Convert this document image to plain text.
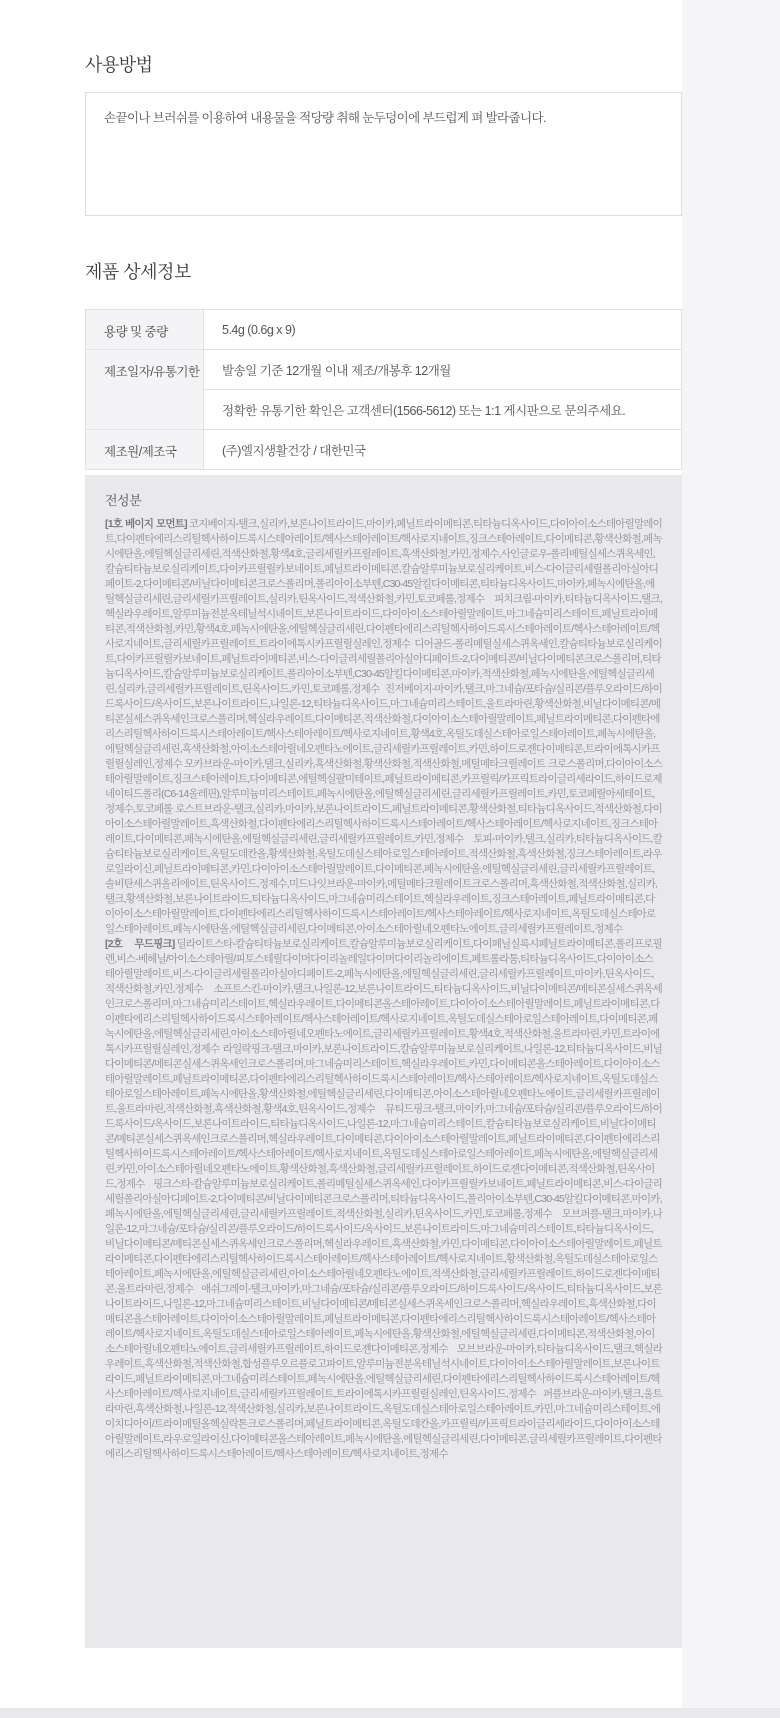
사용방법

손끝이나 브러쉬를 이용하여 내용물을 적당량 취해 눈두덩이에 부드럽게 펴 발라줍니다.

제품 상세정보
용량 및 중량	5.4g (0.6g x 9)
제조일자/유통기한	발송일 기준 12개월 이내 제조/개봉후 12개월
	정확한 유통기한 확인은 고객센터(1566-5612) 또는 1:1 게시판으로 문의주세요.
제조원/제조국	(주)엘지생활건강 / 대한민국
전성분

[1호 베이지 모먼트] 코지베이지-탤크,실리카,보론나이트라이드,마이카,페닐트라이메티콘,티타늄디옥사이드,다이아이소스테아릴말레이트,다이펜타에리스리틸헥사하이드록시스테아레이트/헥사스테아레이트/헥사로지네이트,징크스테아레이트,다이메티콘,황색산화철,페녹시에탄올,에틸헥실글리세린,적색산화철,황색4호,글리세릴카프릴레이트,흑색산화철,카민,정제수,사인글로우-폴리메틸실세스퀴옥세인,칼슘티타늄보로실리케이트,다이카프릴릴카보네이트,페닐트라이메티콘,칼슘알루미늄보로실리케이트,비스-다이글리세릴폴리아실아디페이트-2,다이메티콘/비닐다이메티콘크로스폴리머,폴리아이소부텐,C30-45알킬다이메티콘,티타늄디옥사이드,마이카,페녹시에탄올,에틸헥실글리세린,글리세릴카프릴레이트,실리카,틴옥사이드,적색산화철,카민,토코페롤,정제수 피치크림-마이카,티타늄디옥사이드,탤크,헥실라우레이트,알루미늄전분옥테닐석시네이트,보론나이트라이드,다이아이소스테아릴말레이트,마그네슘미리스테이트,페닐트라이메티콘,적색산화철,카민,황색4호,페녹시에탄올,에틸헥실글리세린,다이펜타에리스리틸헥사하이드록시스테아레이트/헥사스테아레이트/헥사로지네이트,글리세릴카프릴레이트,트라이에톡시카프릴릴실레인,정제수 디어골드-폴리메틸실세스퀴옥세인,칼슘티타늄보로실리케이트,다이카프릴릴카보네이트,페닐트라이메티콘,비스-다이글리세릴폴리아실아디페이트-2,다이메티콘/비닐다이메티콘크로스폴리머,티타늄디옥사이드,칼슘알루미늄보로실리케이트,폴리아이소부텐,C30-45알킬다이메티콘,마이카,적색산화철,페녹시에탄올,에틸헥실글리세린,실리카,글리세릴카프릴레이트,틴옥사이드,카민,토코페롤,정제수 진저베이지-마이카,탤크,마그네슘/포타슘/실리콘/플루오라이드/하이드록사이드/옥사이드,보론나이트라이드,나일론-12,티타늄디옥사이드,마그네슘미리스테이트,울트라마린,황색산화철,비닐다이메티콘/메티콘실세스퀴옥세인크로스폴리머,헥실라우레이트,다이메티콘,적색산화철,다이아이소스테아릴말레이트,페닐트라이메티콘,다이펜타에리스리틸헥사하이드록시스테아레이트/헥사스테아레이트/헥사로지네이트,황색4호,옥틸도데실스테아로일스테아레이트,페녹시에탄올,에틸헥실글리세린,흑색산화철,아이소스테아릴네오펜타노에이트,글리세릴카프릴레이트,카민,하이드로젠다이메티콘,트라이에톡시카프릴릴실레인,정제수 모카브라운-마이카,탤크,실리카,흑색산화철,황색산화철,적색산화철,메틸메타크릴레이트 크로스폴리머,다이아이소스테아릴말레이트,징크스테아레이트,다이메티콘,에틸헥실팔미테이트,페닐트라이메티콘,카프릴릭/카프릭트라이글리세라이드,하이드로제네이티드폴리(C6-14올레핀),알루미늄미리스테이트,페녹시에탄올,에틸헥실글리세린,글리세릴카프릴레이트,카민,토코페릴아세테이트,정제수,토코페롤 로스트브라운-탤크,실리카,마이카,보론나이트라이드,페닐트라이메티콘,황색산화철,티타늄디옥사이드,적색산화철,다이아이소스테아릴말레이트,흑색산화철,다이펜타에리스리틸헥사하이드록시스테아레이트/헥사스테아레이트/헥사로지네이트,징크스테아레이트,다이메티콘,페녹시에탄올,에틸헥실글리세린,글리세릴카프릴레이트,카민,정제수 토피-마이카,탤크,실리카,티타늄디옥사이드,칼슘티타늄보로실리케이트,옥틸도데칸올,황색산화철,옥틸도데실스테아로일스테아레이트,적색산화철,흑색산화철,징크스테아레이트,라우로일라이신,페닐트라이메티콘,카민,다이아이소스테아릴말레이트,다이메티콘,페녹시에탄올,에틸헥실글리세린,글리세릴카프릴레이트,솔비탄세스퀴올리에이트,틴옥사이드,정제수,미드나잇브라운-마이카,메틸메타크릴레이트크로스폴리머,흑색산화철,적색산화철,실리카,탤크,황색산화철,보론나이트라이드,티타늄디옥사이드,마그네슘미리스테이트,헥실라우레이트,징크스테아레이트,페닐트라이메티콘,다이아이소스테아릴말레이트,다이펜타에리스리틸헥사하이드록시스테아레이트/헥사스테아레이트/헥사로지네이트,옥틸도데실스테아로일스테아레이트,페녹시에탄올,에틸헥실글리세린,다이메티콘,아이소스테아릴네오펜타노에이트,글리세릴카프릴레이트,정제수

[2호 무드핑크] 딜라이트스타-칼슘티타늄보로실리케이트,칼슘알루미늄보로실리케이트,다이페닐실록시페닐트라이메티콘,폴리프로필렌,비스-베헤닐/아이소스테아릴/피토스테릴다이머다이리놀레일다이머다이리놀리에이트,페트롤라툼,티타늄디옥사이드,다이아이소스테아릴말레이트,비스-다이글리세릴폴리아실아디페이트-2,페녹시에탄올,에틸헥실글리세린,글리세릴카프릴레이트,마이카,틴옥사이드,적색산화철,카민,정제수 소프트스킨-마이카,탤크,나일론-12,보론나이트라이드,티타늄디옥사이드,비닐다이메티콘/메티콘실세스퀴옥세인크로스폴리머,마그네슘미리스테이트,헥실라우레이트,다이메티콘올스테아레이트,다이아이소스테아릴말레이트,페닐트라이메티콘,다이펜타에리스리틸헥사하이드록시스테아레이트/헥사스테아레이트/헥사로지네이트,옥틸도데실스테아로일스테아레이트,다이메티콘,페녹시에탄올,에틸헥실글리세린,아이소스테아릴네오펜타노에이트,글리세릴카프릴레이트,황색4호,적색산화철,울트라마린,카민,트라이에톡시카프릴릴실레인,정제수 라일락핑크-탤크,마이카,보론나이트라이드,칼슘알루미늄보로실리케이트,나일론-12,티타늄디옥사이드,비닐다이메티콘/메티콘실세스퀴옥세인크로스폴리머,마그네슘미리스테이트,헥실라우레이트,카민,다이메티콘올스테아레이트,다이아이소스테아릴말레이트,페닐트라이메티콘,다이펜타에리스리틸헥사하이드록시스테아레이트/헥사스테아레이트/헥사로지네이트,옥틸도데실스테아로일스테아레이트,페녹시에탄올,황색산화철,에틸헥실글리세린,다이메티콘,아이소스테아릴네오펜타노에이트,글리세릴카프릴레이트,울트라마린,적색산화철,흑색산화철,황색4호,틴옥사이드,정제수 뮤티드핑크-탤크,마이카,마그네슘/포타슘/실리콘/플루오라이드/하이드록사이드/옥사이드,보론나이트라이드,티타늄디옥사이드,나일론-12,마그네슘미리스테이트,칼슘티타늄보로실리케이트,비닐다이메티콘/메티콘실세스퀴옥세인크로스폴리머,헥실라우레이트,다이메티콘,다이아이소스테아릴말레이트,페닐트라이메티콘,다이펜타에리스리틸헥사하이드록시스테아레이트/헥사스테아레이트/헥사로지네이트,옥틸도데실스테아로일스테아레이트,페녹시에탄올,에틸헥실글리세린,카민,아이소스테아릴네오펜타노에이트,황색산화철,흑색산화철,글리세릴카프릴레이트,하이드로젠다이메티콘,적색산화철,틴옥사이드,정제수 핑크스타-칼슘알루미늄보로실리케이트,폴리메틸실세스퀴옥세인,다이카프릴릴카보네이트,페닐트라이메티콘,비스-다이글리세릴폴리아실아디페이트-2,다이메티콘/비닐다이메티콘크로스폴리머,티타늄디옥사이드,폴리아이소부텐,C30-45알킬다이메티콘,마이카,페녹시에탄올,에틸헥실글리세린,글리세릴카프릴레이트,적색산화철,실리카,틴옥사이드,카민,토코페롤,정제수 모브퍼플-탤크,마이카,나일론-12,마그네슘/포타슘/실리콘/플루오라이드/하이드록사이드/옥사이드,보론나이트라이드,마그네슘미리스테이트,티타늄디옥사이드,비닐다이메티콘/메티콘실세스퀴옥세인크로스폴리머,헥실라우레이트,흑색산화철,카민,다이메티콘,다이아이소스테아릴말레이트,페닐트라이메티콘,다이펜타에리스리틸헥사하이드록시스테아레이트/헥사스테아레이트/헥사로지네이트,황색산화철,옥틸도데실스테아로일스테아레이트,페녹시에탄올,에틸헥실글리세린,아이소스테아릴네오펜타노에이트,적색산화철,글리세릴카프릴레이트,하이드로젠다이메티콘,울트라마린,정제수 애쉬그레이-탤크,마이카,마그네슘/포타슘/실리콘/플루오라이드/하이드록사이드/옥사이드,티타늄디옥사이드,보론나이트라이드,나일론-12,마그네슘미리스테이트,비닐다이메티콘/메티콘실세스퀴옥세인크로스폴리머,헥실라우레이트,흑색산화철,다이메티콘올스테아레이트,다이아이소스테아릴말레이트,페닐트라이메티콘,다이펜타에리스리틸헥사하이드록시스테아레이트/헥사스테아레이트/헥사로지네이트,옥틸도데실스테아로일스테아레이트,페녹시에탄올,황색산화철,에틸헥실글리세린,다이메티콘,적색산화철,아이소스테아릴네오펜타노에이트,글리세릴카프릴레이트,하이드로젠다이메티콘,정제수 모브브라운-마이카,티타늄디옥사이드,탤크,헥실라우레이트,흑색산화철,적색산화철,합성플루오르플로고파이트,알루미늄전분옥테닐석시네이트,다이아이소스테아릴말레이트,보론나이트라이드,페닐트라이메티콘,마그네슘미리스테이트,페녹시에탄올,에틸헥실글리세린,다이펜타에리스리틸헥사하이드록시스테아레이트/헥사스테아레이트/헥사로지네이트,글리세릴카프릴레이트,트라이에톡시카프릴릴실레인,틴옥사이드,정제수 퍼플브라운-마이카,탤크,울트라마린,흑색산화철,나일론-12,적색산화철,실리카,보론나이트라이드,옥틸도데실스테아로일스테아레이트,카민,마그네슘미리스테이트,에이치디아이/트라이메틸올헥실락톤크로스폴리머,페닐트라이메티콘,옥틸도데칸올,카프릴릭/카프릭트라이글리세라이드,다이아이소스테아릴말레이트,라우로일라이신,다이메티콘올스테아레이트,페녹시에탄올,에틸헥실글리세린,다이메티콘,글리세릴카프릴레이트,다이펜타에리스리틸헥사하이드록시스테아레이트/헥사스테아레이트/헥사로지네이트,정제수
